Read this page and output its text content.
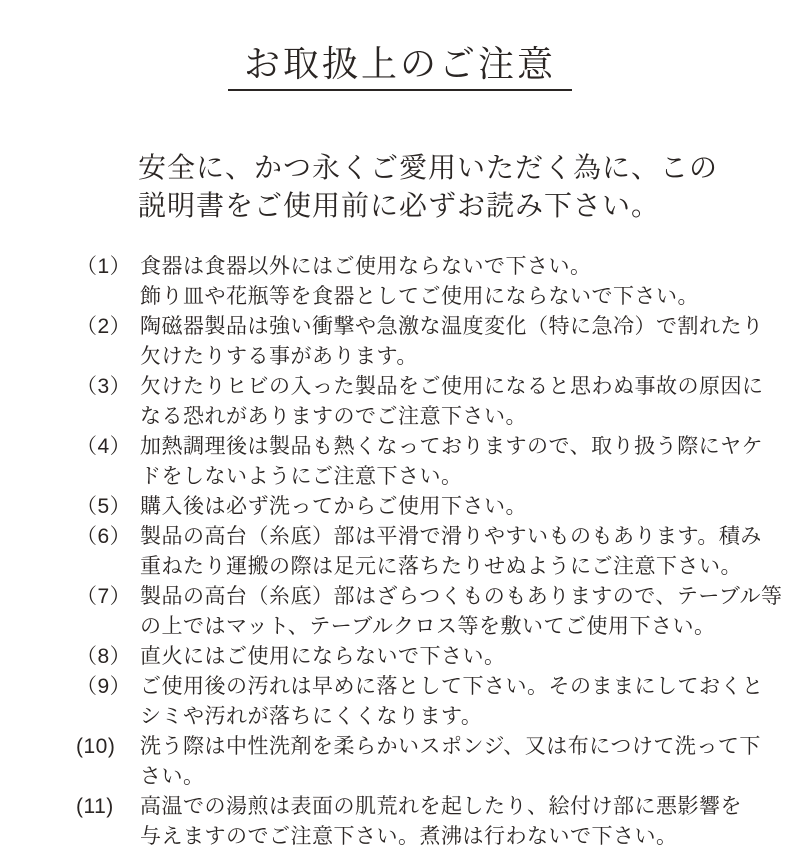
お取扱上のご注意
安全に、かつ永くご愛用いただく為に、この
説明書をご使用前に必ずお読み下さい。
（1） 食器は食器以外にはご使用ならないで下さい。
飾り皿や花瓶等を食器としてご使用にならないで下さい。
（2） 陶磁器製品は強い衝撃や急激な温度変化（特に急冷）で割れたり
欠けたりする事があります。
（3） 欠けたりヒビの入った製品をご使用になると思わぬ事故の原因に
なる恐れがありますのでご注意下さい。
（4） 加熱調理後は製品も熱くなっておりますので、取り扱う際にヤケ
ドをしないようにご注意下さい。
（5） 購入後は必ず洗ってからご使用下さい。
（6） 製品の高台（糸底）部は平滑で滑りやすいものもあります。積み
重ねたり運搬の際は足元に落ちたりせぬようにご注意下さい。
（7） 製品の高台（糸底）部はざらつくものもありますので、テーブル等
の上ではマット、テーブルクロス等を敷いてご使用下さい。
（8） 直火にはご使用にならないで下さい。
（9） ご使用後の汚れは早めに落として下さい。そのままにしておくと
シミや汚れが落ちにくくなります。
(10)	洗う際は中性洗剤を柔らかいスポンジ、又は布につけて洗って下
さい。
(11)	高温での湯煎は表面の肌荒れを起したり、絵付け部に悪影響を
与えますのでご注意下さい。煮沸は行わないで下さい。
